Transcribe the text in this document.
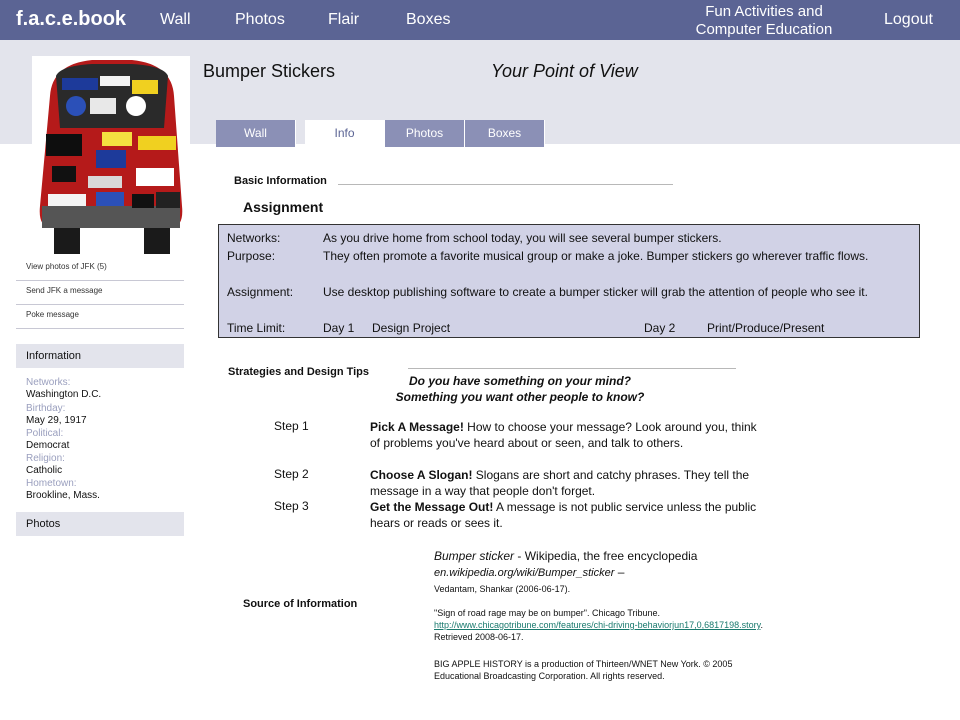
f.a.c.e.book Wall	Photos	Flair	Boxes	Fun Activities and
Computer Education
Logout
Bumper Stickers	Your Point of View
Wall	Info	Photos	Boxes
View photos of JFK (5)
Send JFK a message
Poke message
Information
Networks:
Washington D.C.
Birthday:
May 29, 1917
Political:
Democrat
Religion:
Catholic
Hometown:
Brookline, Mass.
Photos
Basic Information
Assignment
Networks:	As you drive home from school today, you will see several bumper stickers.
Purpose:	They often promote a favorite musical group or make a joke. Bumper stickers go wherever traffic flows.
Assignment: Use desktop publishing software to create a bumper sticker will grab the attention of people who see it.
Time Limit:	Day 1 Design Project	Day 2	Print/Produce/Present
Strategies and Design Tips
Do you have something on your mind?
Something you want other people to know?
Step 1	Pick A Message! How to choose your message? Look around you, think of problems you've heard about or seen, and talk to others.
Step 2	Choose A Slogan! Slogans are short and catchy phrases. They tell the message in a way that people don't forget.
Step 3	Get the Message Out! A message is not public service unless the public hears or reads or sees it.
Source of Information
Bumper sticker - Wikipedia, the free encyclopedia en.wikipedia.org/wiki/Bumper_sticker –
Vedantam, Shankar (2006-06-17).
"Sign of road rage may be on bumper". Chicago Tribune.
http://www.chicagotribune.com/features/chi-driving-behaviorjun17,0,6817198.story. Retrieved 2008-06-17.
BIG APPLE HISTORY is a production of Thirteen/WNET New York. © 2005 Educational Broadcasting Corporation. All rights reserved.
